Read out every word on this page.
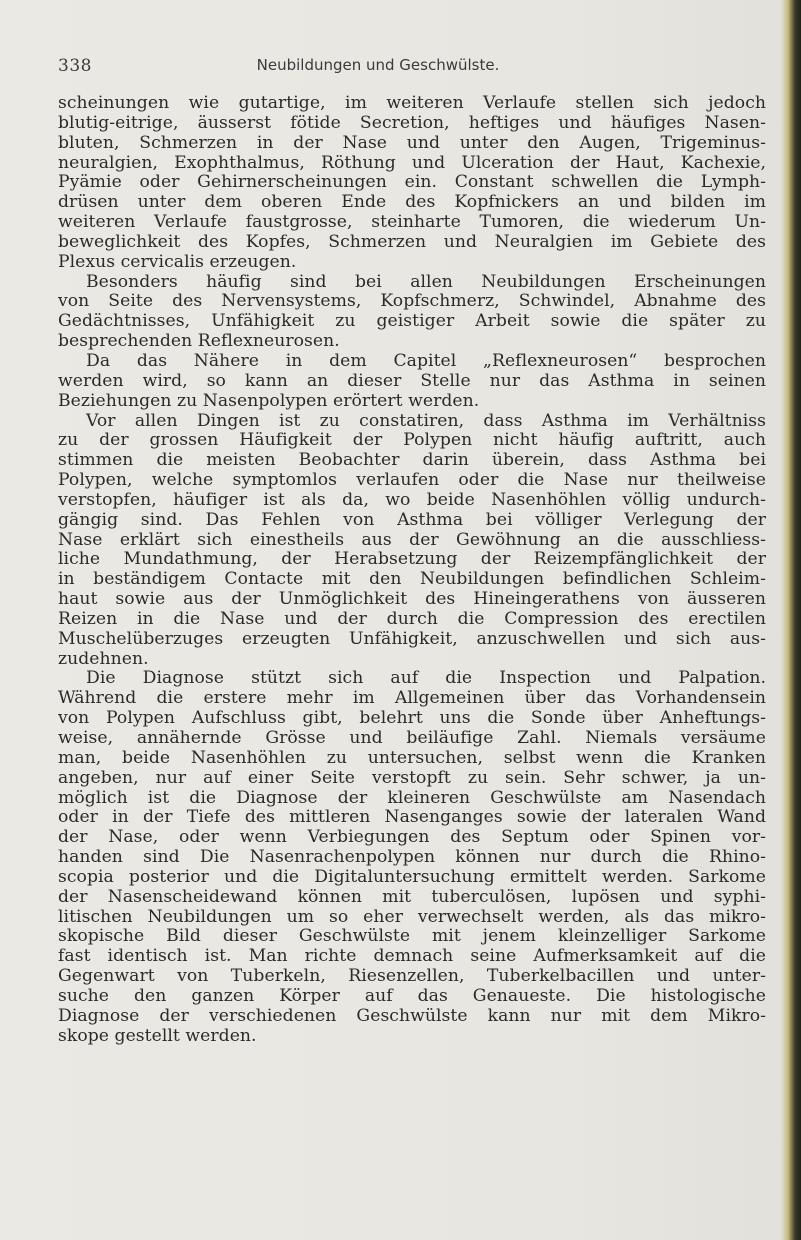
338	Neubildungen und Geschwülste.
scheinungen wie gutartige, im weiteren Verlaufe stellen sich jedoch
blutig-eitrige, äusserst fötide Secretion, heftiges und häufiges Nasen-
bluten, Schmerzen in der Nase und unter den Augen, Trigeminus-
neuralgien, Exophthalmus, Röthung und Ulceration der Haut, Kachexie,
Pyämie oder Gehirnerscheinungen ein. Constant schwellen die Lymph-
drüsen unter dem oberen Ende des Kopfnickers an und bilden im
weiteren Verlaufe faustgrosse, steinharte Tumoren, die wiederum Un-
beweglichkeit des Kopfes, Schmerzen und Neuralgien im Gebiete des
Plexus cervicalis erzeugen.
Besonders häufig sind bei allen Neubildungen Erscheinungen
von Seite des Nervensystems, Kopfschmerz, Schwindel, Abnahme des
Gedächtnisses, Unfähigkeit zu geistiger Arbeit sowie die später zu
besprechenden Reflexneurosen.
Da das Nähere in dem Capitel „Reflexneurosen“ besprochen
werden wird, so kann an dieser Stelle nur das Asthma in seinen
Beziehungen zu Nasenpolypen erörtert werden.
Vor allen Dingen ist zu constatiren, dass Asthma im Verhältniss
zu der grossen Häufigkeit der Polypen nicht häufig auftritt, auch
stimmen die meisten Beobachter darin überein, dass Asthma bei
Polypen, welche symptomlos verlaufen oder die Nase nur theilweise
verstopfen, häufiger ist als da, wo beide Nasenhöhlen völlig undurch-
gängig sind. Das Fehlen von Asthma bei völliger Verlegung der
Nase erklärt sich einestheils aus der Gewöhnung an die ausschliess-
liche Mundathmung, der Herabsetzung der Reizempfänglichkeit der
in beständigem Contacte mit den Neubildungen befindlichen Schleim-
haut sowie aus der Unmöglichkeit des Hineingerathens von äusseren
Reizen in die Nase und der durch die Compression des erectilen
Muschelüberzuges erzeugten Unfähigkeit, anzuschwellen und sich aus-
zudehnen.
Die Diagnose stützt sich auf die Inspection und Palpation.
Während die erstere mehr im Allgemeinen über das Vorhandensein
von Polypen Aufschluss gibt, belehrt uns die Sonde über Anheftungs-
weise, annähernde Grösse und beiläufige Zahl. Niemals versäume
man, beide Nasenhöhlen zu untersuchen, selbst wenn die Kranken
angeben, nur auf einer Seite verstopft zu sein. Sehr schwer, ja un-
möglich ist die Diagnose der kleineren Geschwülste am Nasendach
oder in der Tiefe des mittleren Nasenganges sowie der lateralen Wand
der Nase, oder wenn Verbiegungen des Septum oder Spinen vor-
handen sind Die Nasenrachenpolypen können nur durch die Rhino-
scopia posterior und die Digitaluntersuchung ermittelt werden. Sarkome
der Nasenscheidewand können mit tuberculösen, lupösen und syphi-
litischen Neubildungen um so eher verwechselt werden, als das mikro-
skopische Bild dieser Geschwülste mit jenem kleinzelliger Sarkome
fast identisch ist. Man richte demnach seine Aufmerksamkeit auf die
Gegenwart von Tuberkeln, Riesenzellen, Tuberkelbacillen und unter-
suche den ganzen Körper auf das Genaueste. Die histologische
Diagnose der verschiedenen Geschwülste kann nur mit dem Mikro-
skope gestellt werden.
